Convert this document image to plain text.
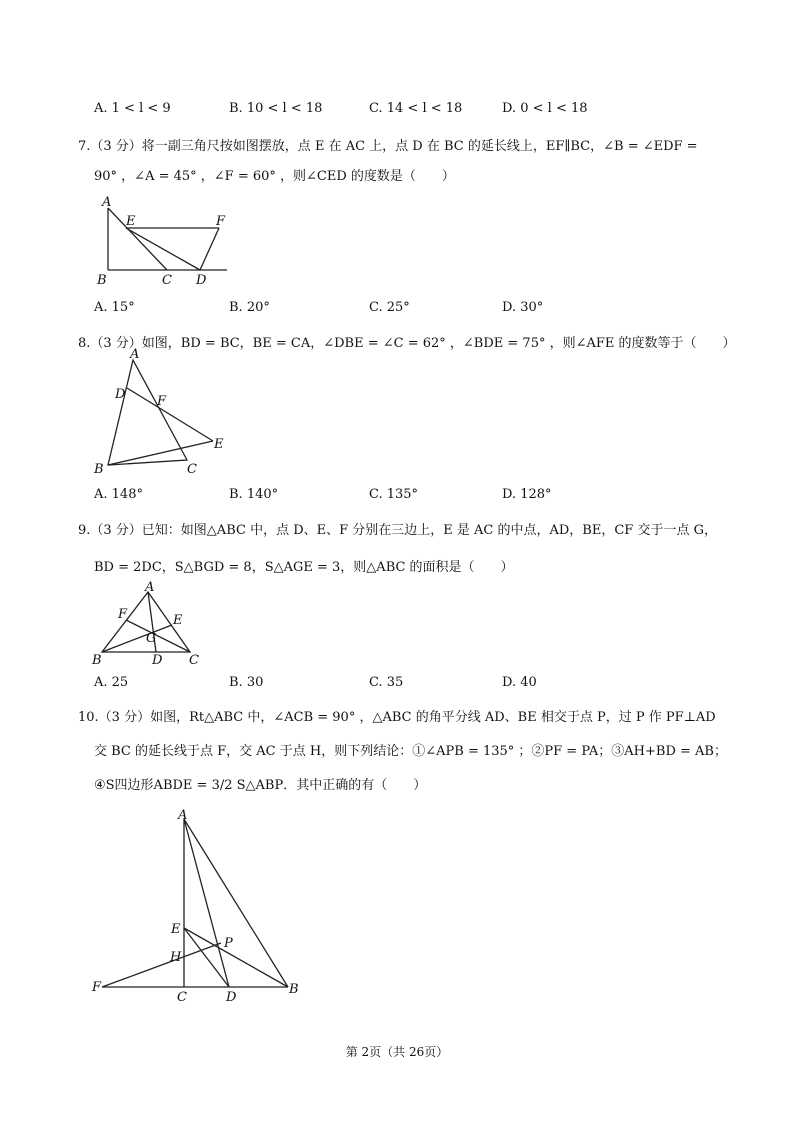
A. 1 < l < 9	B. 10 < l < 18	C. 14 < l < 18	D. 0 < l < 18
7.（3 分）将一副三角尺按如图摆放，点 E 在 AC 上，点 D 在 BC 的延长线上，EF∥BC，∠B = ∠EDF =
90° ，∠A = 45° ，∠F = 60° ，则∠CED 的度数是（　　）
A
E	F
B	C D
A. 15°	B. 20°	C. 25°	D. 30°
8.（3 分）如图，BD = BC，BE = CA，∠DBE = ∠C = 62° ，∠BDE = 75° ，则∠AFE 的度数等于（　　）
A
D F
E
B	C
A. 148°	B. 140°	C. 135°	D. 128°
9.（3 分）已知：如图△ABC 中，点 D、E、F 分别在三边上，E 是 AC 的中点，AD，BE，CF 交于一点 G，
BD = 2DC，S△BGD = 8，S△AGE = 3，则△ABC 的面积是（　　）
A
F	E
G
B	D C
A. 25	B. 30	C. 35	D. 40
10.（3 分）如图，Rt△ABC 中，∠ACB = 90° ，△ABC 的角平分线 AD、BE 相交于点 P，过 P 作 PF⊥AD
交 BC 的延长线于点 F，交 AC 于点 H，则下列结论：①∠APB = 135° ；②PF = PA；③AH+BD = AB；
④S四边形ABDE = 3/2 S△ABP．其中正确的有（　　）
A
E
P
H
F
C	D
B
第 2页（共 26页）
